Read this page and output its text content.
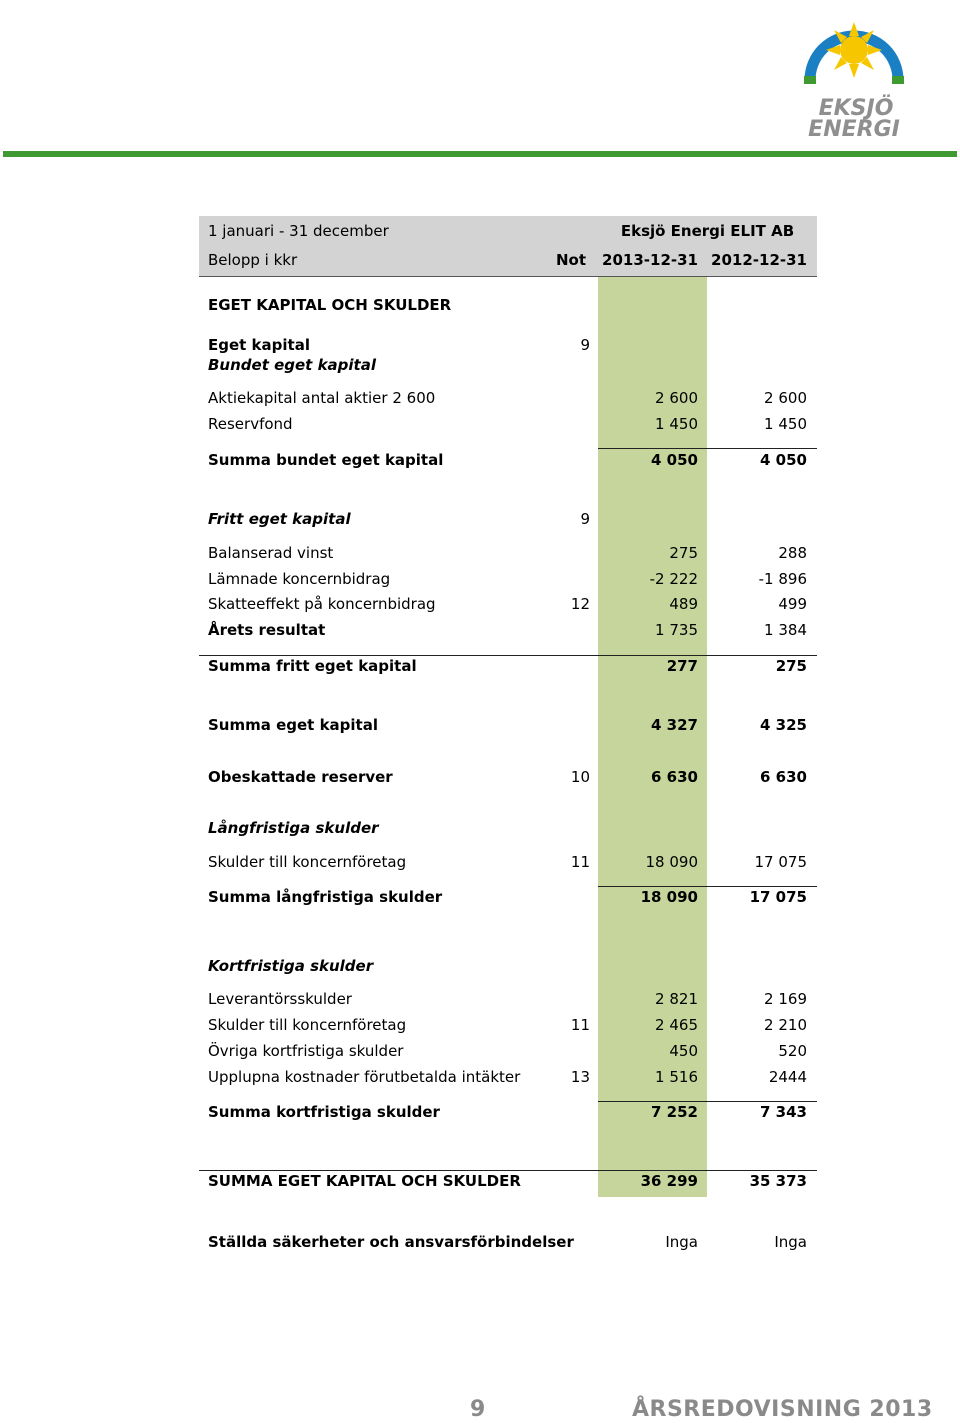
EKSJÖ
ENERGI
1 januari - 31 december	Eksjö Energi ELIT AB
Belopp i kkr	Not 2013-12-31 2012-12-31
EGET KAPITAL OCH SKULDER
Eget kapital	9
Bundet eget kapital
Aktiekapital antal aktier 2 600	2 600	2 600
Reservfond	1 450	1 450
Summa bundet eget kapital	4 050	4 050
Fritt eget kapital	9
Balanserad vinst	275	288
Lämnade koncernbidrag	-2 222	-1 896
Skatteeffekt på koncernbidrag	12	489	499
Årets resultat	1 735	1 384
Summa fritt eget kapital	277	275
Summa eget kapital	4 327	4 325
Obeskattade reserver	10	6 630	6 630
Långfristiga skulder
Skulder till koncernföretag	11	18 090	17 075
Summa långfristiga skulder	18 090	17 075
Kortfristiga skulder
Leverantörsskulder	2 821	2 169
Skulder till koncernföretag	11	2 465	2 210
Övriga kortfristiga skulder	450	520
Upplupna kostnader förutbetalda intäkter	13	1 516	2444
Summa kortfristiga skulder	7 252	7 343
SUMMA EGET KAPITAL OCH SKULDER	36 299	35 373
Ställda säkerheter och ansvarsförbindelser	Inga	Inga
9	ÅRSREDOVISNING 2013
